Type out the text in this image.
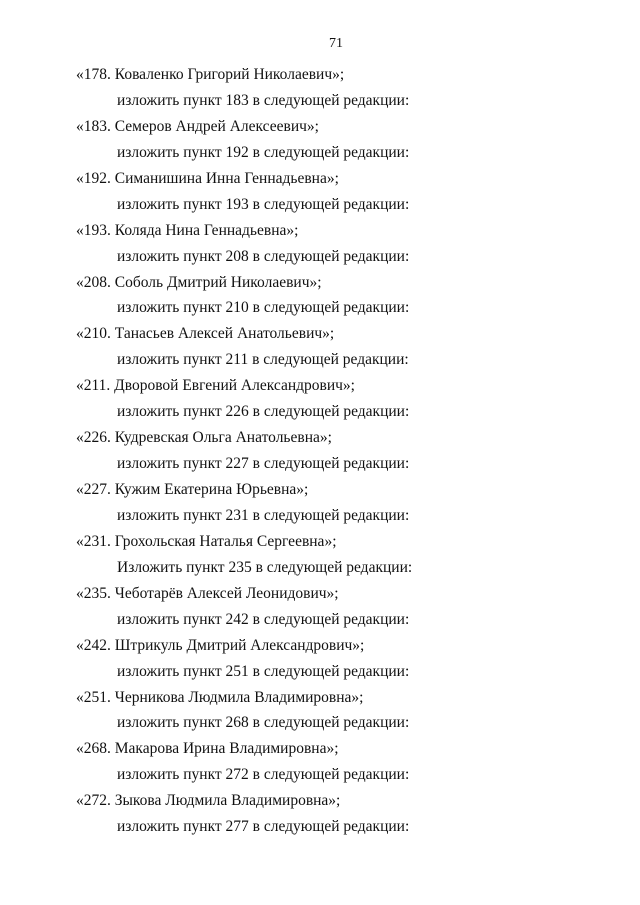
71
«178. Коваленко Григорий Николаевич»;
изложить пункт 183 в следующей редакции:
«183. Семеров Андрей Алексеевич»;
изложить пункт 192 в следующей редакции:
«192. Симанишина Инна Геннадьевна»;
изложить пункт 193 в следующей редакции:
«193. Коляда Нина Геннадьевна»;
изложить пункт 208 в следующей редакции:
«208. Соболь Дмитрий Николаевич»;
изложить пункт 210 в следующей редакции:
«210. Танасьев Алексей Анатольевич»;
изложить пункт 211 в следующей редакции:
«211. Дворовой Евгений Александрович»;
изложить пункт 226 в следующей редакции:
«226. Кудревская Ольга Анатольевна»;
изложить пункт 227 в следующей редакции:
«227. Кужим Екатерина Юрьевна»;
изложить пункт 231 в следующей редакции:
«231. Грохольская Наталья Сергеевна»;
Изложить пункт 235 в следующей редакции:
«235. Чеботарёв Алексей Леонидович»;
изложить пункт 242 в следующей редакции:
«242. Штрикуль Дмитрий Александрович»;
изложить пункт 251 в следующей редакции:
«251. Черникова Людмила Владимировна»;
изложить пункт 268 в следующей редакции:
«268. Макарова Ирина Владимировна»;
изложить пункт 272 в следующей редакции:
«272. Зыкова Людмила Владимировна»;
изложить пункт 277 в следующей редакции:
